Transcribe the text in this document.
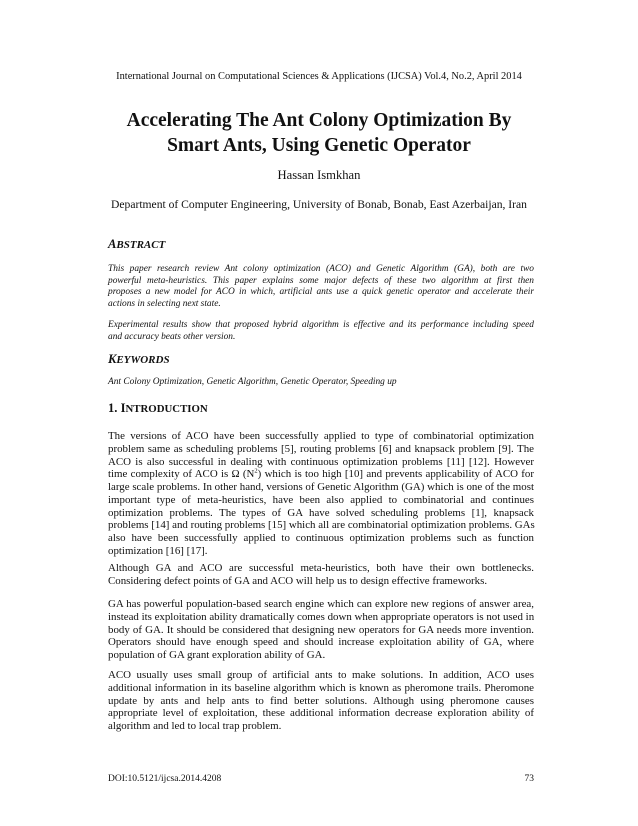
International Journal on Computational Sciences & Applications (IJCSA) Vol.4, No.2, April 2014
Accelerating The Ant Colony Optimization By
Smart Ants, Using Genetic Operator
Hassan Ismkhan
Department of Computer Engineering, University of Bonab, Bonab, East Azerbaijan, Iran
ABSTRACT

This paper research review Ant colony optimization (ACO) and Genetic Algorithm (GA), both are two
powerful meta-heuristics. This paper explains some major defects of these two algorithm at first then
proposes a new model for ACO in which, artificial ants use a quick genetic operator and accelerate their
actions in selecting next state.

Experimental results show that proposed hybrid algorithm is effective and its performance including speed
and accuracy beats other version.

KEYWORDS

Ant Colony Optimization, Genetic Algorithm, Genetic Operator, Speeding up

1. INTRODUCTION

The versions of ACO have been successfully applied to type of combinatorial optimization
problem same as scheduling problems [5], routing problems [6] and knapsack problem [9]. The
ACO is also successful in dealing with continuous optimization problems [11] [12]. However
time complexity of ACO is Ω $(N^2)$ which is too high [10] and prevents applicability of ACO for
large scale problems. In other hand, versions of Genetic Algorithm (GA) which is one of the most
important type of meta-heuristics, have been also applied to combinatorial and continues
optimization problems. The types of GA have solved scheduling problems [1], knapsack
problems [14] and routing problems [15] which all are combinatorial optimization problems. GAs
also have been successfully applied to continuous optimization problems such as function
optimization [16] [17].

Although GA and ACO are successful meta-heuristics, both have their own bottlenecks.
Considering defect points of GA and ACO will help us to design effective frameworks.

GA has powerful population-based search engine which can explore new regions of answer area,
instead its exploitation ability dramatically comes down when appropriate operators is not used in
body of GA. It should be considered that designing new operators for GA needs more invention.
Operators should have enough speed and should increase exploitation ability of GA, where
population of GA grant exploration ability of GA.

ACO usually uses small group of artificial ants to make solutions. In addition, ACO uses
additional information in its baseline algorithm which is known as pheromone trails. Pheromone
update by ants and help ants to find better solutions. Although using pheromone causes
appropriate level of exploitation, these additional information decrease exploration ability of
algorithm and led to local trap problem.

DOI:10.5121/ijcsa.2014.4208	73
